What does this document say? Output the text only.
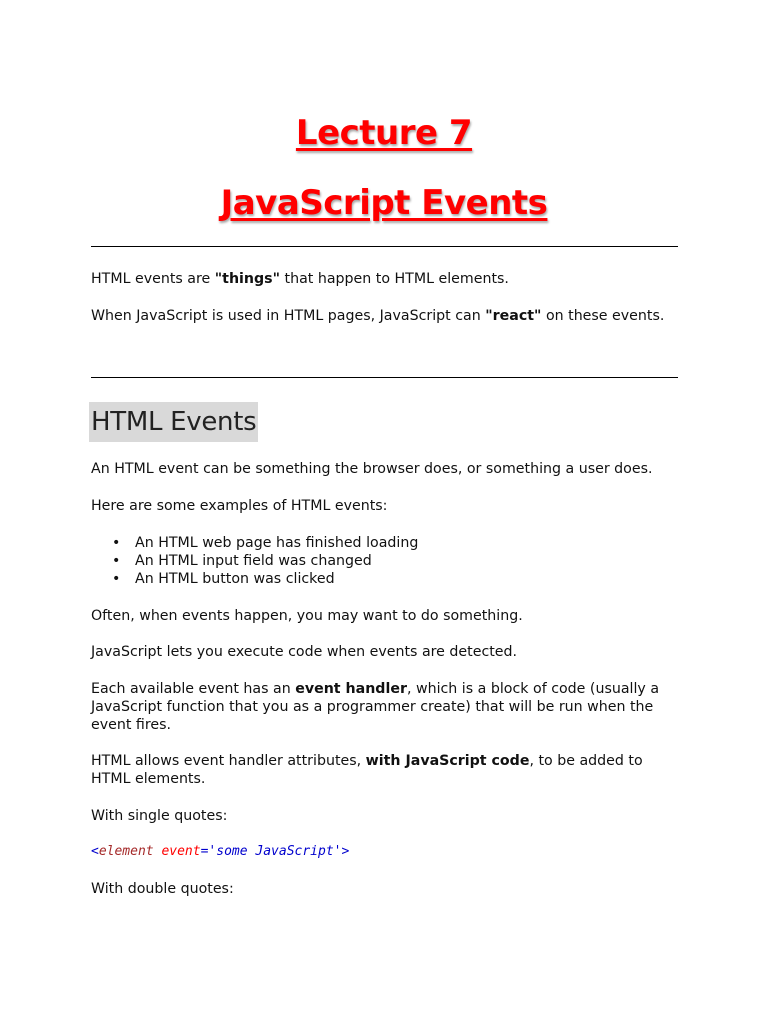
Lecture 7
JavaScript Events

HTML events are "things" that happen to HTML elements.

When JavaScript is used in HTML pages, JavaScript can "react" on these events.

HTML Events

An HTML event can be something the browser does, or something a user does.

Here are some examples of HTML events:

• An HTML web page has finished loading
• An HTML input field was changed
• An HTML button was clicked

Often, when events happen, you may want to do something.

JavaScript lets you execute code when events are detected.

Each available event has an event handler, which is a block of code (usually a JavaScript function that you as a programmer create) that will be run when the event fires.

HTML allows event handler attributes, with JavaScript code, to be added to HTML elements.

With single quotes:

<element event='some JavaScript'>

With double quotes:
